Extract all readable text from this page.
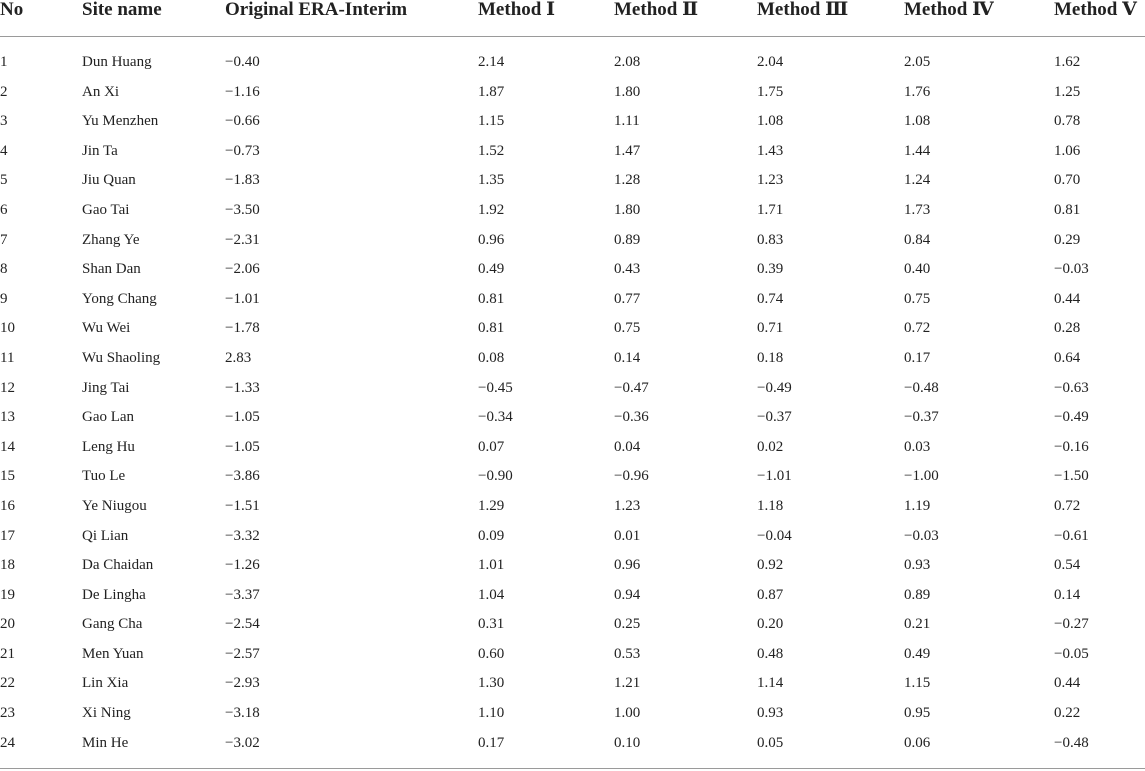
No	Site name	Original ERA-Interim	Method Ⅰ	Method Ⅱ	Method Ⅲ	Method Ⅳ	Method Ⅴ
1	Dun Huang	−0.40	2.14	2.08	2.04	2.05	1.62
2	An Xi	−1.16	1.87	1.80	1.75	1.76	1.25
3	Yu Menzhen	−0.66	1.15	1.11	1.08	1.08	0.78
4	Jin Ta	−0.73	1.52	1.47	1.43	1.44	1.06
5	Jiu Quan	−1.83	1.35	1.28	1.23	1.24	0.70
6	Gao Tai	−3.50	1.92	1.80	1.71	1.73	0.81
7	Zhang Ye	−2.31	0.96	0.89	0.83	0.84	0.29
8	Shan Dan	−2.06	0.49	0.43	0.39	0.40	−0.03
9	Yong Chang	−1.01	0.81	0.77	0.74	0.75	0.44
10	Wu Wei	−1.78	0.81	0.75	0.71	0.72	0.28
11	Wu Shaoling	2.83	0.08	0.14	0.18	0.17	0.64
12	Jing Tai	−1.33	−0.45	−0.47	−0.49	−0.48	−0.63
13	Gao Lan	−1.05	−0.34	−0.36	−0.37	−0.37	−0.49
14	Leng Hu	−1.05	0.07	0.04	0.02	0.03	−0.16
15	Tuo Le	−3.86	−0.90	−0.96	−1.01	−1.00	−1.50
16	Ye Niugou	−1.51	1.29	1.23	1.18	1.19	0.72
17	Qi Lian	−3.32	0.09	0.01	−0.04	−0.03	−0.61
18	Da Chaidan	−1.26	1.01	0.96	0.92	0.93	0.54
19	De Lingha	−3.37	1.04	0.94	0.87	0.89	0.14
20	Gang Cha	−2.54	0.31	0.25	0.20	0.21	−0.27
21	Men Yuan	−2.57	0.60	0.53	0.48	0.49	−0.05
22	Lin Xia	−2.93	1.30	1.21	1.14	1.15	0.44
23	Xi Ning	−3.18	1.10	1.00	0.93	0.95	0.22
24	Min He	−3.02	0.17	0.10	0.05	0.06	−0.48
